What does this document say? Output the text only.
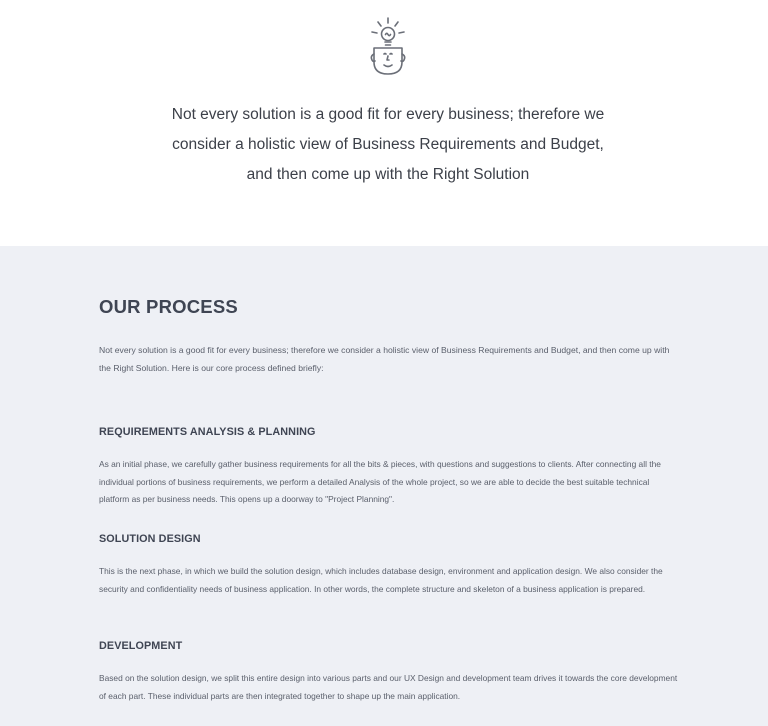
Not every solution is a good fit for every business; therefore we consider a holistic view of Business Requirements and Budget, and then come up with the Right Solution

OUR PROCESS

Not every solution is a good fit for every business; therefore we consider a holistic view of Business Requirements and Budget, and then come up with the Right Solution. Here is our core process defined briefly:

REQUIREMENTS ANALYSIS & PLANNING

As an initial phase, we carefully gather business requirements for all the bits & pieces, with questions and suggestions to clients. After connecting all the individual portions of business requirements, we perform a detailed Analysis of the whole project, so we are able to decide the best suitable technical platform as per business needs. This opens up a doorway to "Project Planning".

SOLUTION DESIGN

This is the next phase, in which we build the solution design, which includes database design, environment and application design. We also consider the security and confidentiality needs of business application. In other words, the complete structure and skeleton of a business application is prepared.

DEVELOPMENT

Based on the solution design, we split this entire design into various parts and our UX Design and development team drives it towards the core development of each part. These individual parts are then integrated together to shape up the main application.
